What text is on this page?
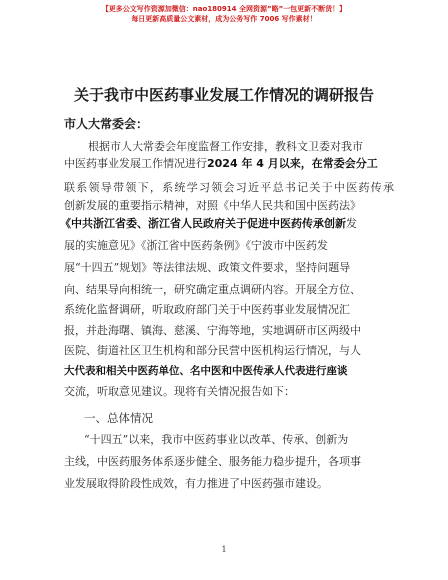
【更多公文写作资源加微信：nao180914 全网资源”略”一包更新不断货！】
每日更新高质量公文素材，成为公务写作 7006 写作素材！
关于我市中医药事业发展工作情况的调研报告
市人大常委会：
根据市人大常委会年度监督工作安排，教科文卫委对我市
中医药事业发展工作情况进行2024 年 4 月以来，在常委会分工
联系领导带领下，系统学习领会习近平总书记关于中医药传承
创新发展的重要指示精神，对照《中华人民共和国中医药法》
《中共浙江省委、浙江省人民政府关于促进中医药传承创新发
展的实施意见》《浙江省中医药条例》《宁波市中医药发
展“十四五”规划》等法律法规、政策文件要求，坚持问题导
向、结果导向相统一，研究确定重点调研内容。开展全方位、
系统化监督调研，听取政府部门关于中医药事业发展情况汇
报，并赴海曙、镇海、慈溪、宁海等地，实地调研市区两级中
医院、街道社区卫生机构和部分民营中医机构运行情况，与人
大代表和相关中医药单位、名中医和中医传承人代表进行座谈
交流，听取意见建议。现将有关情况报告如下：
一、总体情况
“十四五”以来，我市中医药事业以改革、传承、创新为
主线，中医药服务体系逐步健全、服务能力稳步提升，各项事
业发展取得阶段性成效，有力推进了中医药强市建设。
1
